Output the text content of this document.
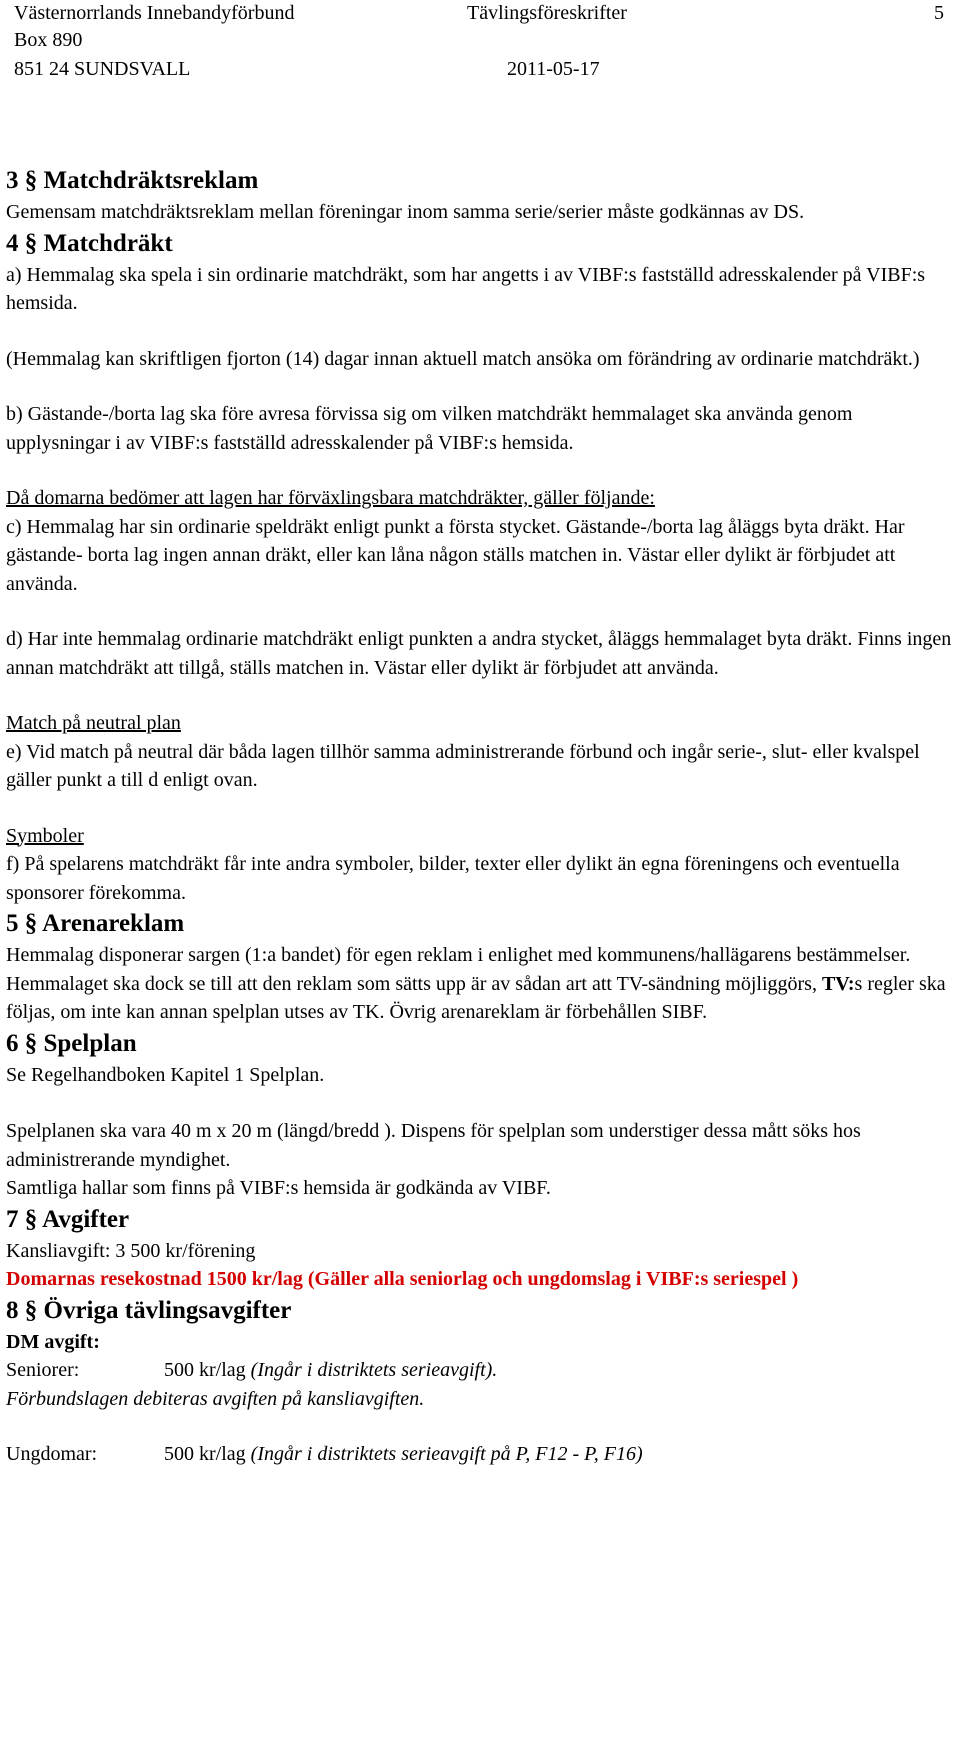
Västernorrlands Innebandyförbund
Box 890
851 24 SUNDSVALL
Tävlingsföreskrifter	5
2011-05-17
3 § Matchdräktsreklam

Gemensam matchdräktsreklam mellan föreningar inom samma serie/serier måste godkännas av DS.

4 § Matchdräkt

a) Hemmalag ska spela i sin ordinarie matchdräkt, som har angetts i av VIBF:s fastställd adresskalender på VIBF:s hemsida.

(Hemmalag kan skriftligen fjorton (14) dagar innan aktuell match ansöka om förändring av ordinarie matchdräkt.)

b) Gästande-/borta lag ska före avresa förvissa sig om vilken matchdräkt hemmalaget ska använda genom upplysningar i av VIBF:s fastställd adresskalender på VIBF:s hemsida.

Då domarna bedömer att lagen har förväxlingsbara matchdräkter, gäller följande:

c) Hemmalag har sin ordinarie speldräkt enligt punkt a första stycket. Gästande-/borta lag åläggs byta dräkt. Har gästande- borta lag ingen annan dräkt, eller kan låna någon ställs matchen in. Västar eller dylikt är förbjudet att använda.

d) Har inte hemmalag ordinarie matchdräkt enligt punkten a andra stycket, åläggs hemmalaget byta dräkt. Finns ingen annan matchdräkt att tillgå, ställs matchen in. Västar eller dylikt är förbjudet att använda.

Match på neutral plan

e) Vid match på neutral där båda lagen tillhör samma administrerande förbund och ingår serie-, slut- eller kvalspel gäller punkt a till d enligt ovan.

Symboler

f) På spelarens matchdräkt får inte andra symboler, bilder, texter eller dylikt än egna föreningens och eventuella sponsorer förekomma.

5 § Arenareklam

Hemmalag disponerar sargen (1:a bandet) för egen reklam i enlighet med kommunens/hallägarens bestämmelser. Hemmalaget ska dock se till att den reklam som sätts upp är av sådan art att TV-sändning möjliggörs, TV:s regler ska följas, om inte kan annan spelplan utses av TK. Övrig arenareklam är förbehållen SIBF.

6 § Spelplan

Se Regelhandboken Kapitel 1 Spelplan.

Spelplanen ska vara 40 m x 20 m (längd/bredd ). Dispens för spelplan som understiger dessa mått söks hos administrerande myndighet.

Samtliga hallar som finns på VIBF:s hemsida är godkända av VIBF.

7 § Avgifter

Kansliavgift: 3 500 kr/förening

Domarnas resekostnad 1500 kr/lag (Gäller alla seniorlag och ungdomslag i VIBF:s seriespel )

8 § Övriga tävlingsavgifter

DM avgift:

Seniorer:	500 kr/lag (Ingår i distriktets serieavgift).

Förbundslagen debiteras avgiften på kansliavgiften.

Ungdomar:	500 kr/lag (Ingår i distriktets serieavgift på P, F12 - P, F16)
